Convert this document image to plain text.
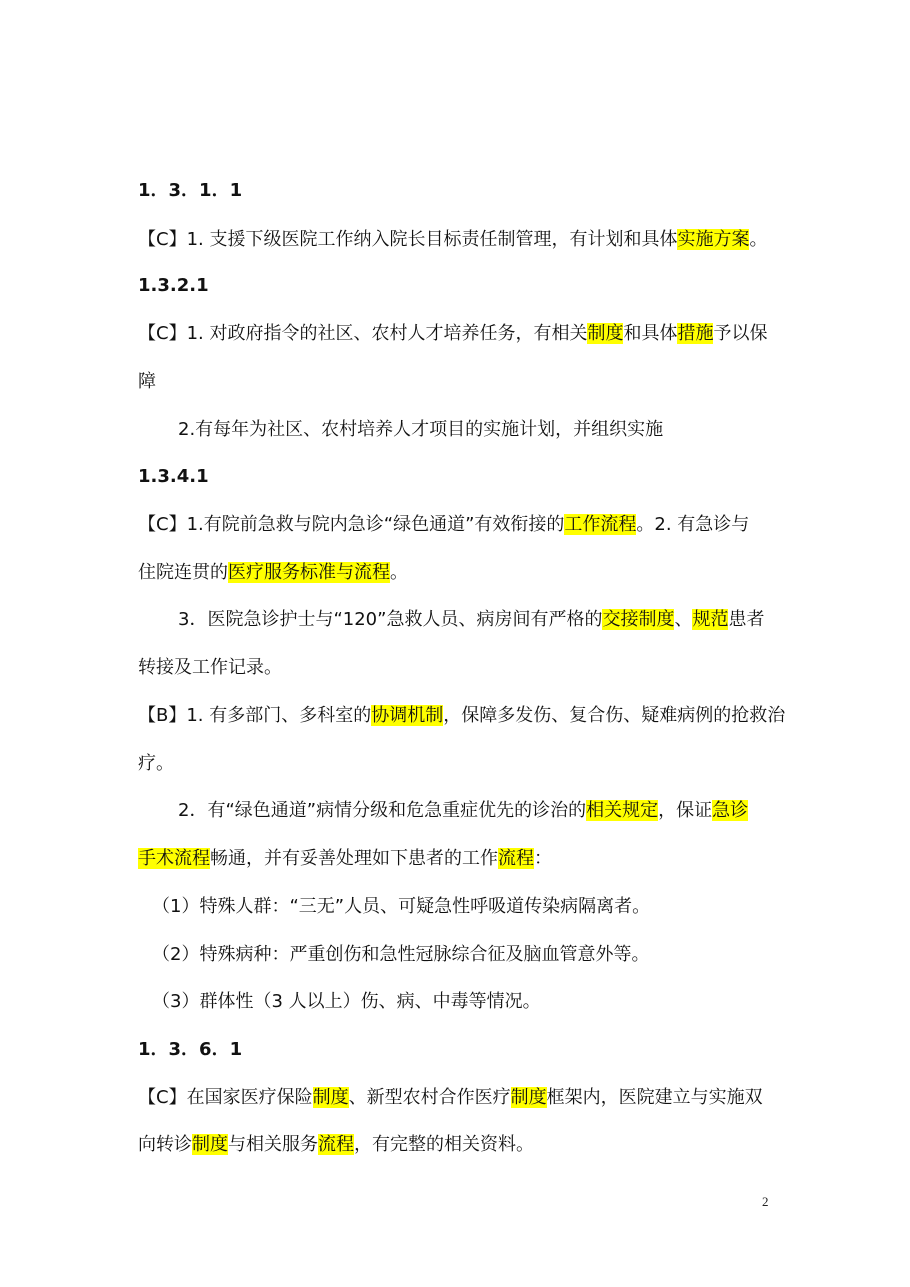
1．3．1．1
【C】1. 支援下级医院工作纳入院长目标责任制管理，有计划和具体实施方案。
1.3.2.1
【C】1. 对政府指令的社区、农村人才培养任务，有相关制度和具体措施予以保
障
2.有每年为社区、农村培养人才项目的实施计划，并组织实施
1.3.4.1
【C】1.有院前急救与院内急诊“绿色通道”有效衔接的工作流程。2. 有急诊与
住院连贯的医疗服务标准与流程。
3．医院急诊护士与“120”急救人员、病房间有严格的交接制度、规范患者
转接及工作记录。
【B】1. 有多部门、多科室的协调机制，保障多发伤、复合伤、疑难病例的抢救治
疗。
2．有“绿色通道”病情分级和危急重症优先的诊治的相关规定，保证急诊
手术流程畅通，并有妥善处理如下患者的工作流程：
（1）特殊人群：“三无”人员、可疑急性呼吸道传染病隔离者。
（2）特殊病种：严重创伤和急性冠脉综合征及脑血管意外等。
（3）群体性（3 人以上）伤、病、中毒等情况。
1．3．6．1
【C】在国家医疗保险制度、新型农村合作医疗制度框架内，医院建立与实施双
向转诊制度与相关服务流程，有完整的相关资料。
2
